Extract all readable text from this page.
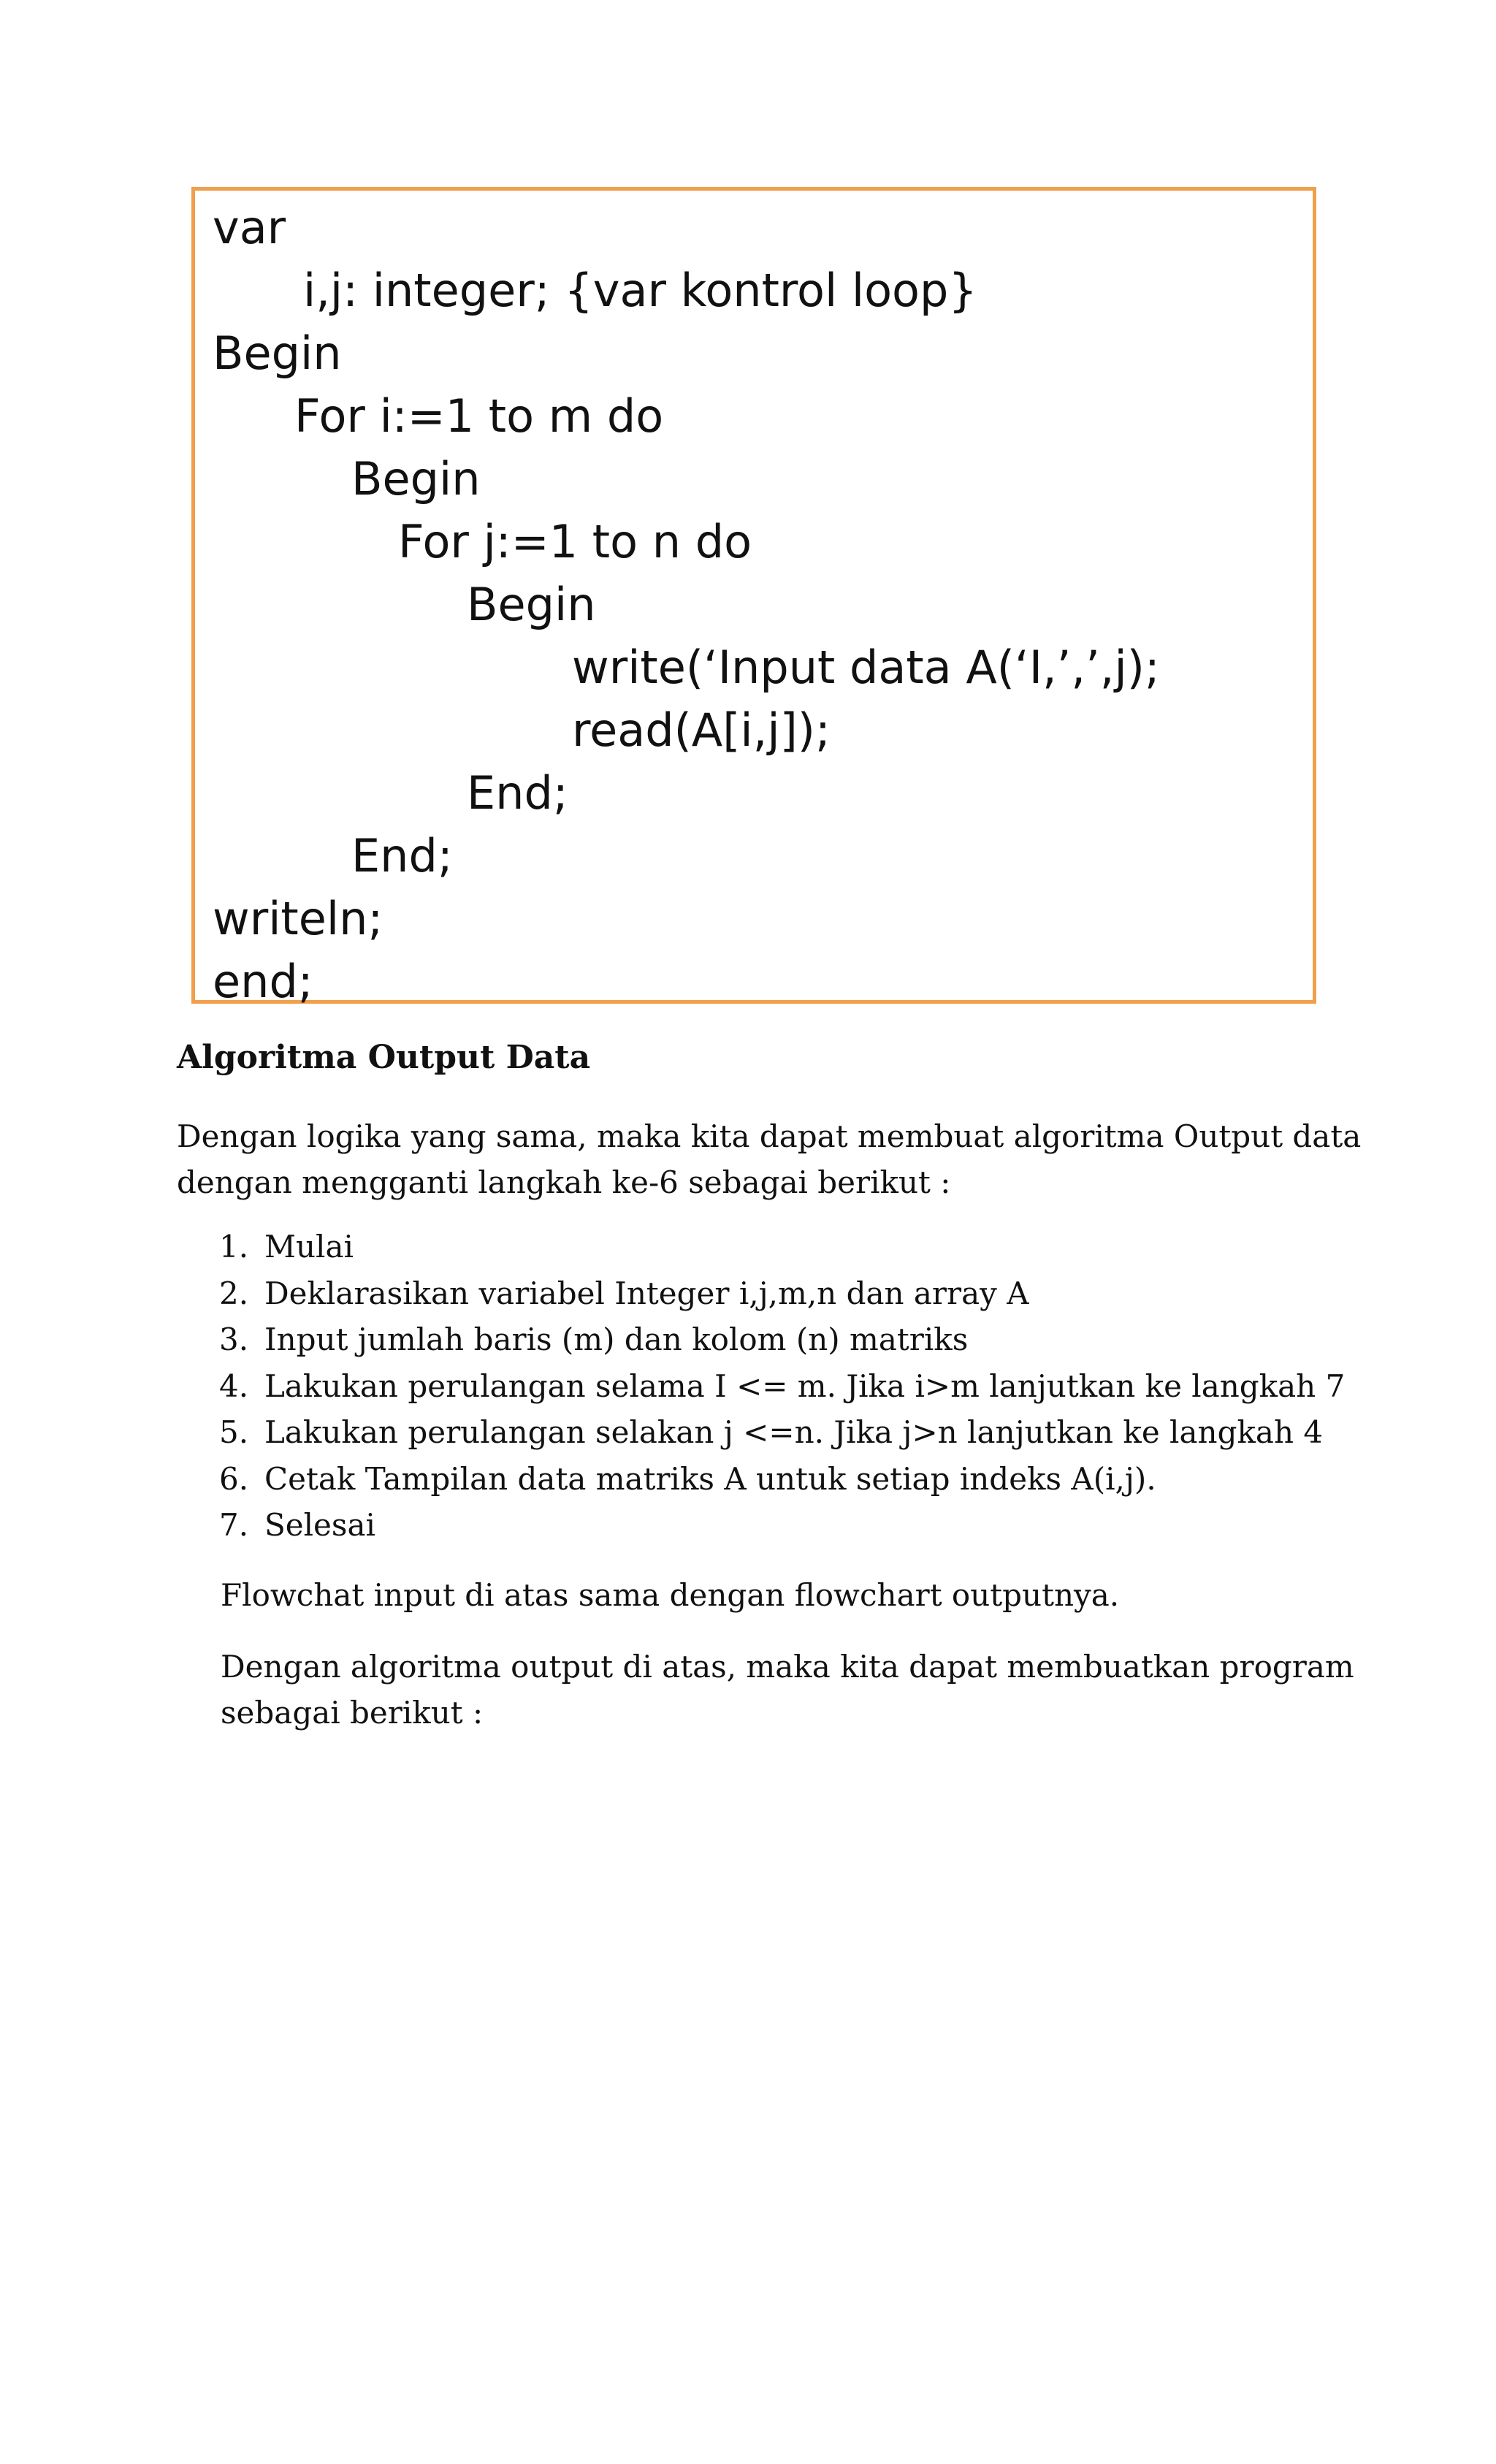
var
i,j: integer; {var kontrol loop}
Begin
For i:=1 to m do
Begin
For j:=1 to n do
Begin
write(‘Input data A(‘I,’,’,j);
read(A[i,j]);
End;
End;
writeln;
end;
Algoritma Output Data
Dengan logika yang sama, maka kita dapat membuat algoritma Output data
dengan mengganti langkah ke-6 sebagai berikut :
1. Mulai
2. Deklarasikan variabel Integer i,j,m,n dan array A
3. Input jumlah baris (m) dan kolom (n) matriks
4. Lakukan perulangan selama I <= m. Jika i>m lanjutkan ke langkah 7
5. Lakukan perulangan selakan j <=n. Jika j>n lanjutkan ke langkah 4
6. Cetak Tampilan data matriks A untuk setiap indeks A(i,j).
7. Selesai
Flowchat input di atas sama dengan flowchart outputnya.
Dengan algoritma output di atas, maka kita dapat membuatkan program
sebagai berikut :
